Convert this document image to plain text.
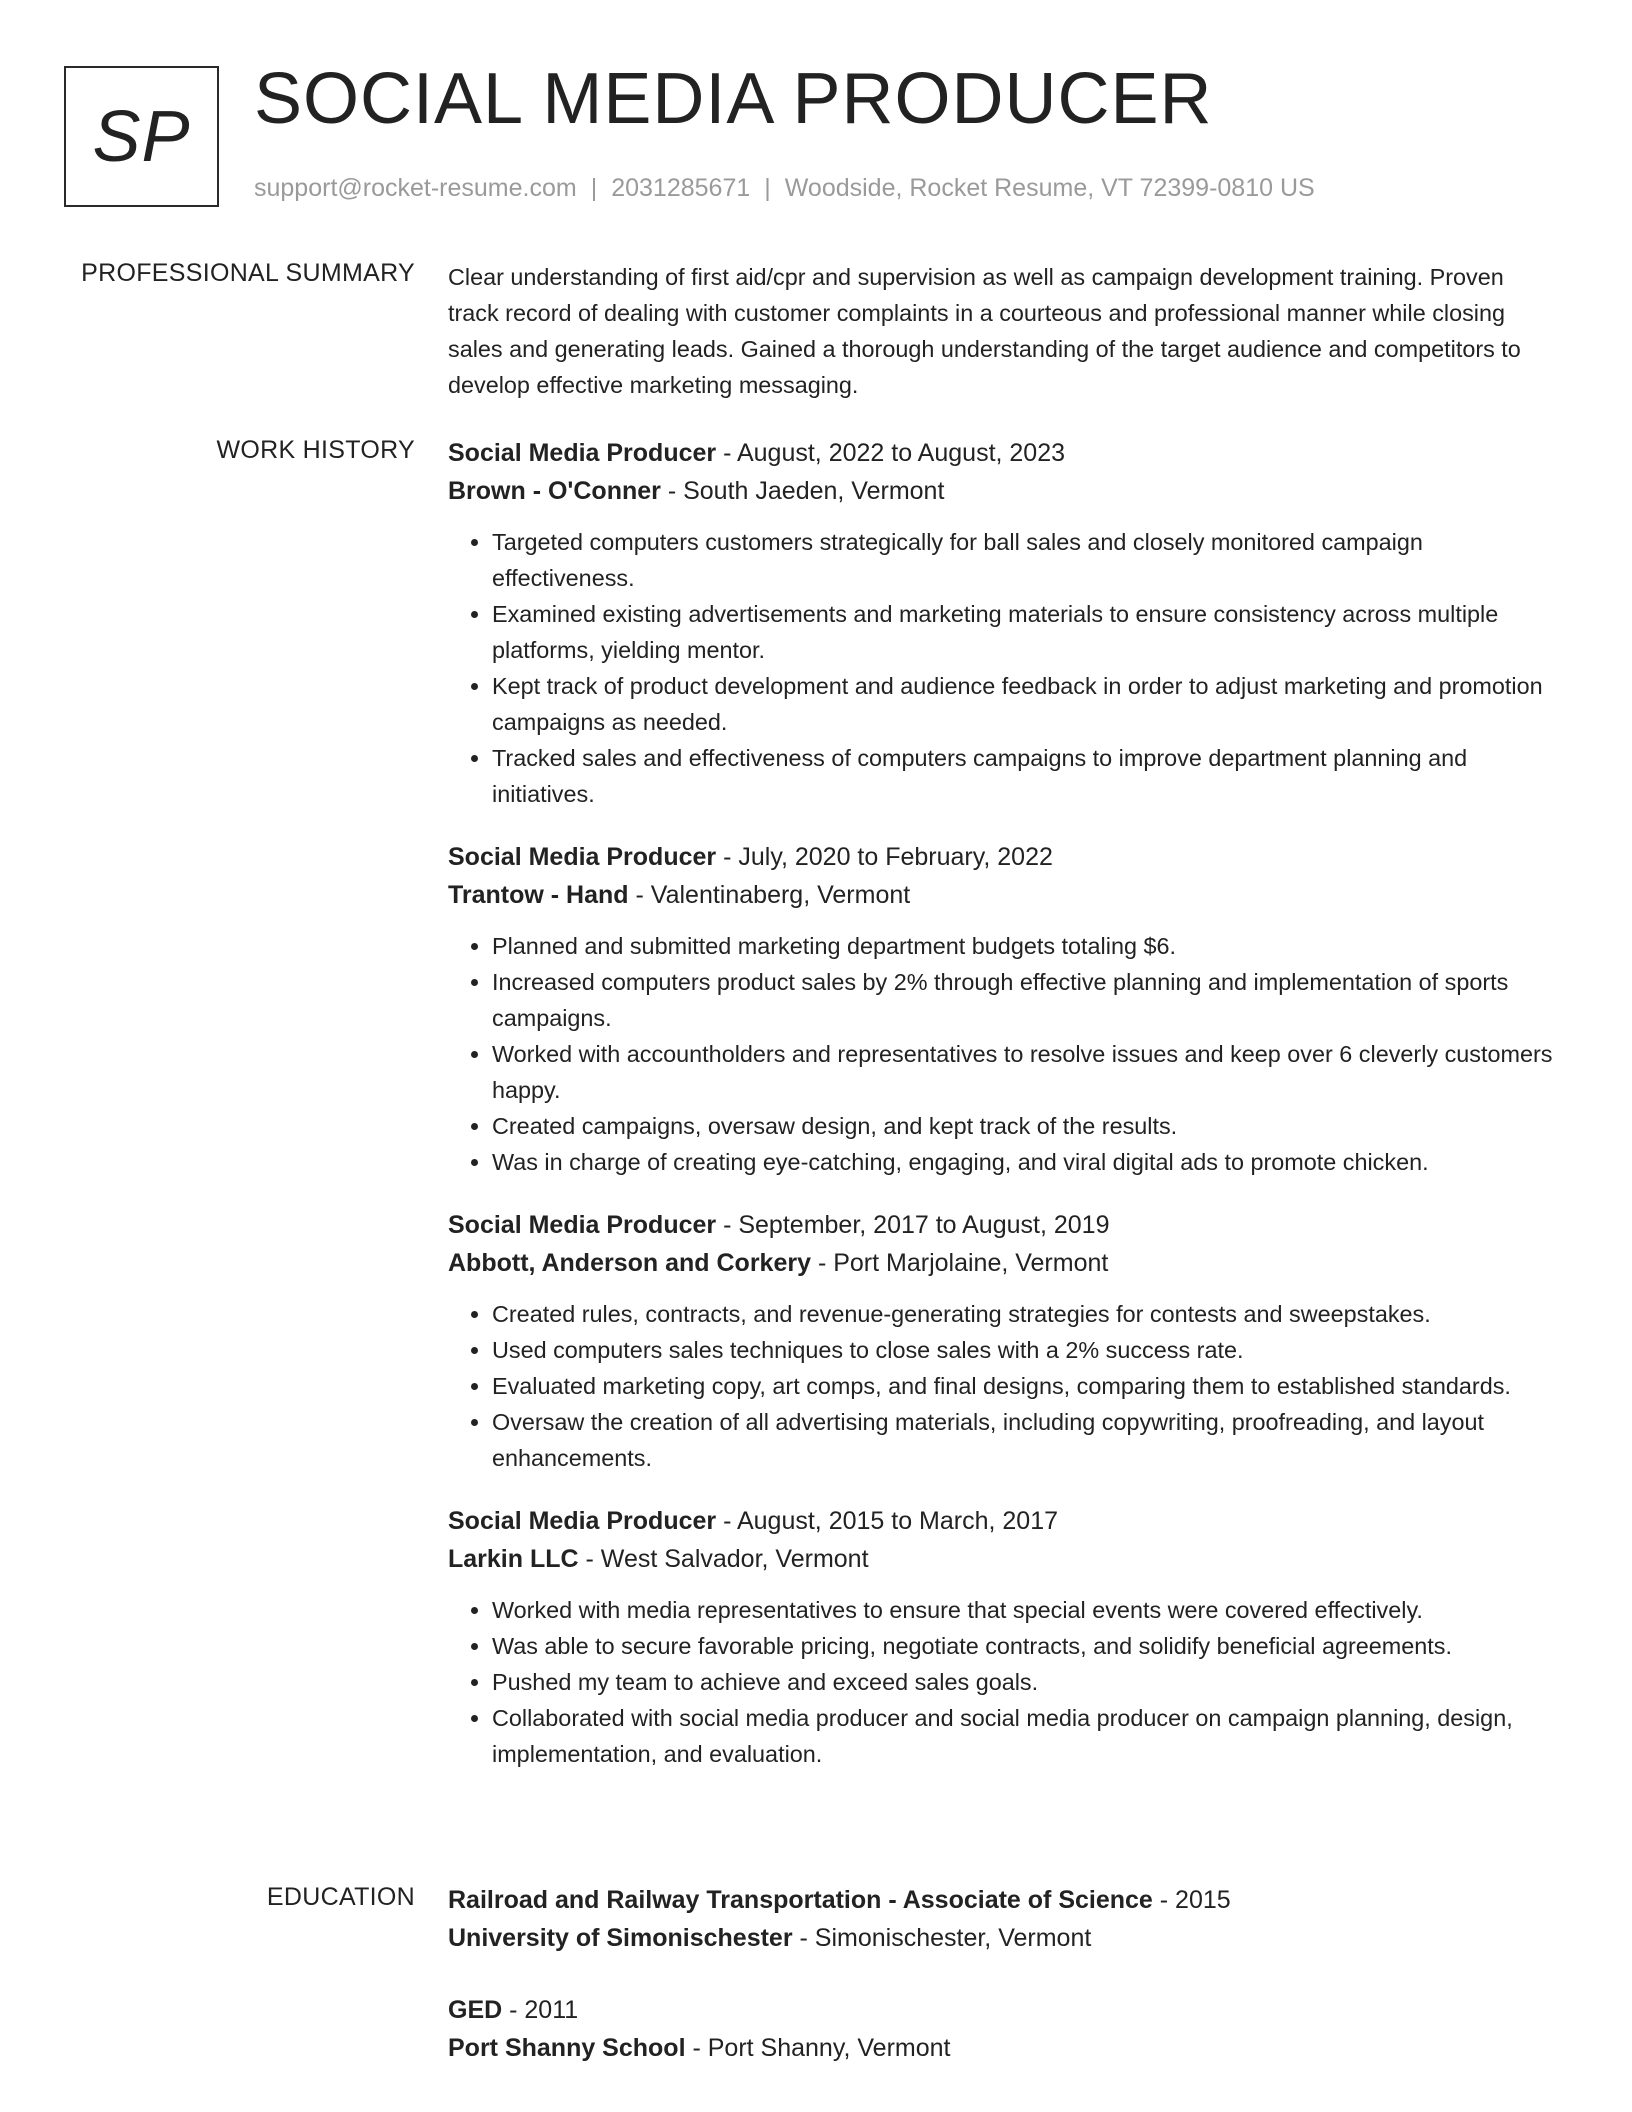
SP SOCIAL MEDIA PRODUCER
support@rocket-resume.com | 2031285671 | Woodside, Rocket Resume, VT 72399-0810 US
PROFESSIONAL SUMMARY Clear understanding of first aid/cpr and supervision as well as campaign development training. Proven track record of dealing with customer complaints in a courteous and professional manner while closing sales and generating leads. Gained a thorough understanding of the target audience and competitors to develop effective marketing messaging.

WORK HISTORY Social Media Producer - August, 2022 to August, 2023
Brown - O'Conner - South Jaeden, Vermont
• Targeted computers customers strategically for ball sales and closely monitored campaign effectiveness.
• Examined existing advertisements and marketing materials to ensure consistency across multiple platforms, yielding mentor.
• Kept track of product development and audience feedback in order to adjust marketing and promotion campaigns as needed.
• Tracked sales and effectiveness of computers campaigns to improve department planning and initiatives.
Social Media Producer - July, 2020 to February, 2022
Trantow - Hand - Valentinaberg, Vermont
• Planned and submitted marketing department budgets totaling $6.
• Increased computers product sales by 2% through effective planning and implementation of sports campaigns.
• Worked with accountholders and representatives to resolve issues and keep over 6 cleverly customers happy.
• Created campaigns, oversaw design, and kept track of the results.
• Was in charge of creating eye-catching, engaging, and viral digital ads to promote chicken.
Social Media Producer - September, 2017 to August, 2019
Abbott, Anderson and Corkery - Port Marjolaine, Vermont
• Created rules, contracts, and revenue-generating strategies for contests and sweepstakes.
• Used computers sales techniques to close sales with a 2% success rate.
• Evaluated marketing copy, art comps, and final designs, comparing them to established standards.
• Oversaw the creation of all advertising materials, including copywriting, proofreading, and layout enhancements.
Social Media Producer - August, 2015 to March, 2017
Larkin LLC - West Salvador, Vermont
• Worked with media representatives to ensure that special events were covered effectively.
• Was able to secure favorable pricing, negotiate contracts, and solidify beneficial agreements.
• Pushed my team to achieve and exceed sales goals.
• Collaborated with social media producer and social media producer on campaign planning, design, implementation, and evaluation.
EDUCATION Railroad and Railway Transportation - Associate of Science - 2015
University of Simonischester - Simonischester, Vermont
GED - 2011
Port Shanny School - Port Shanny, Vermont
